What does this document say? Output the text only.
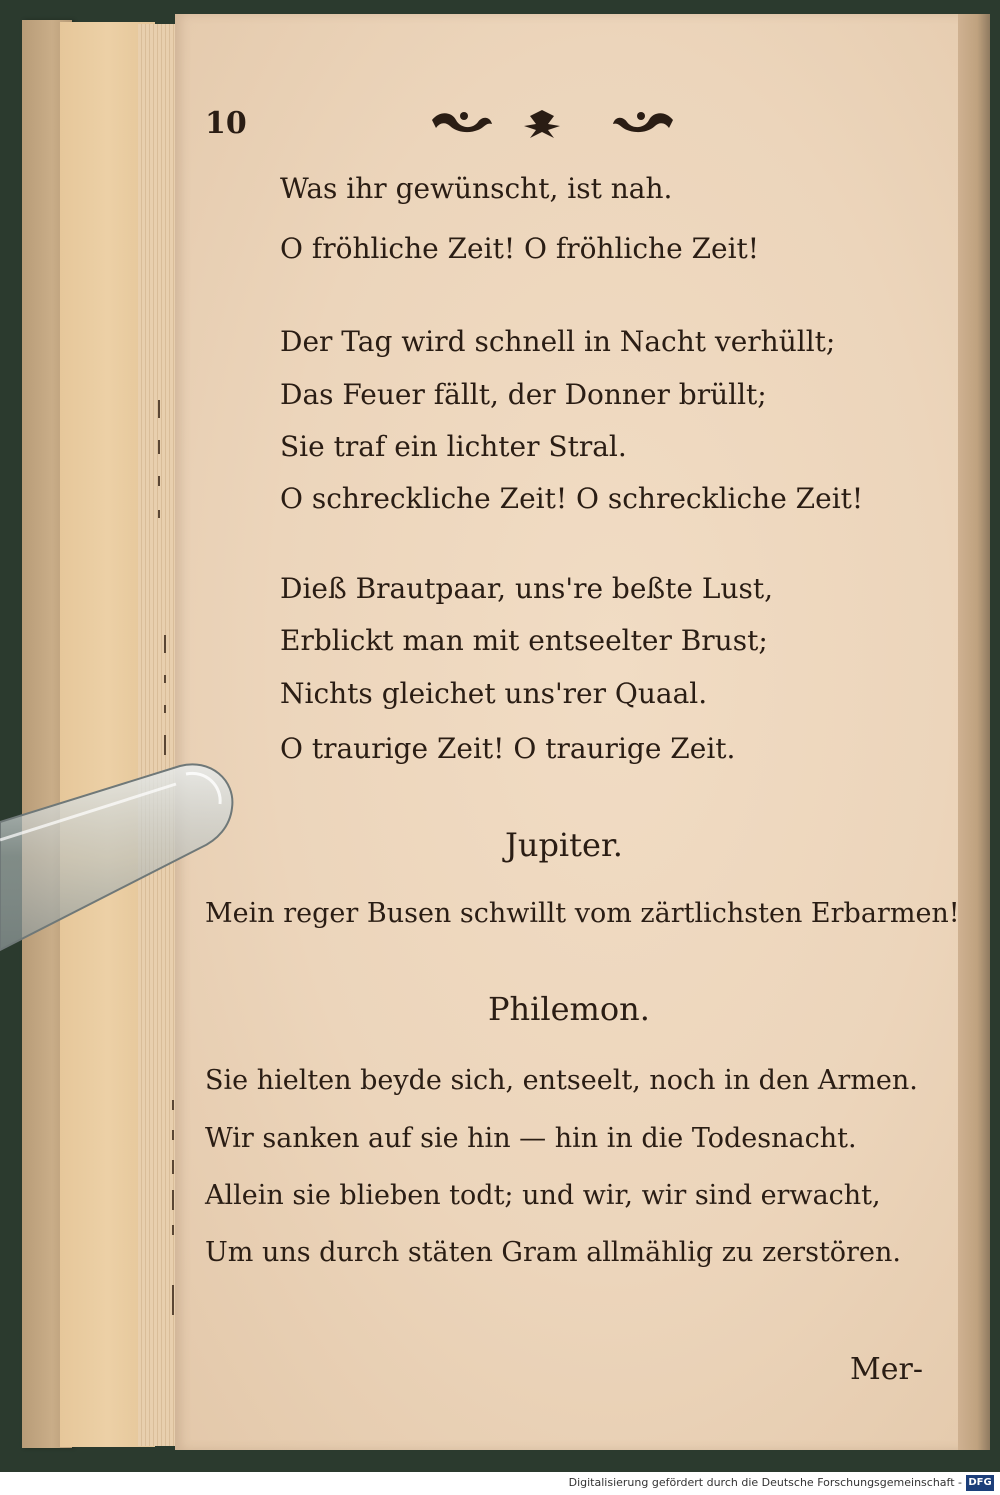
10
Was ihr gewünscht, ist nah.
O fröhliche Zeit! O fröhliche Zeit!
Der Tag wird schnell in Nacht verhüllt;
Das Feuer fällt, der Donner brüllt;
Sie traf ein lichter Stral.
O schreckliche Zeit! O schreckliche Zeit!
Dieß Brautpaar, uns're beßte Lust,
Erblickt man mit entseelter Brust;
Nichts gleichet uns'rer Quaal.
O traurige Zeit! O traurige Zeit.
Jupiter.
Mein reger Busen schwillt vom zärtlichsten Erbarmen!
Philemon.
Sie hielten beyde sich, entseelt, noch in den Armen.
Wir sanken auf sie hin — hin in die Todesnacht.
Allein sie blieben todt; und wir, wir sind erwacht,
Um uns durch stäten Gram allmählig zu zerstören.
Mer-
Digitalisierung gefördert durch die Deutsche Forschungsgemeinschaft - DFG
